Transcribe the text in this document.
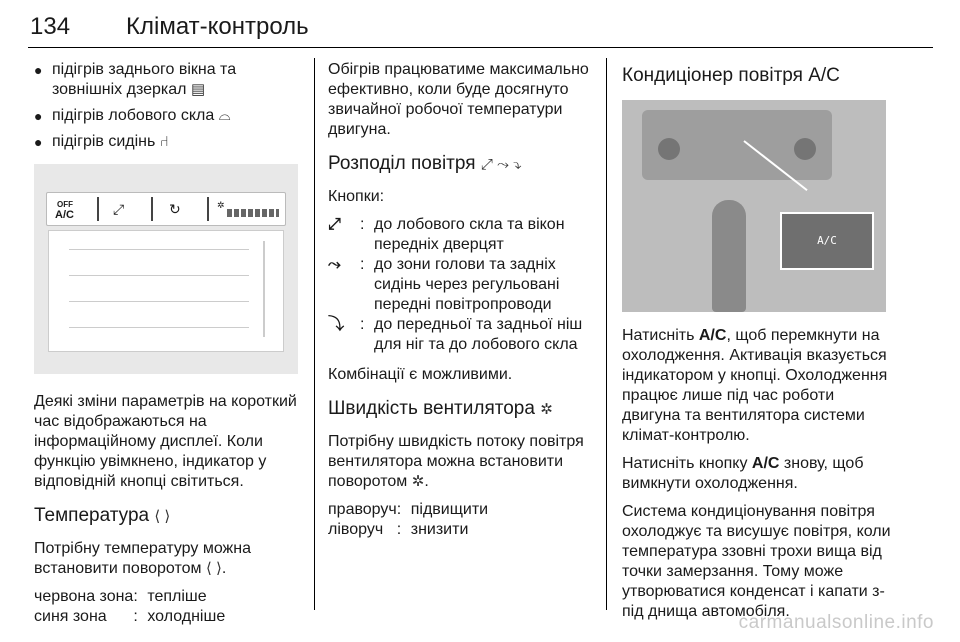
134	Клімат-контроль
● підігрів заднього вікна та зовнішніх дзеркал ▤
● підігрів лобового скла ⌓
● підігрів сидінь ⑁
OFF
A/C	⤢	↻	✲

Деякі зміни параметрів на короткий час відображаються на інформаційному дисплеї. Коли функцію увімкнено, індикатор у відповідній кнопці світиться.

Температура ⟨ ⟩

Потрібну температуру можна встановити поворотом ⟨ ⟩.

червона зона : тепліше
синя зона	: холодніше

Обігрів працюватиме максимально ефективно, коли буде досягнуто звичайної робочої температури двигуна.

Розподіл повітря ⤢ ⤳ ⤵

Кнопки:

⤢	: до лобового скла та вікон передніх дверцят
⤳	: до зони голови та задніх сидінь через регульовані передні повітропроводи
⤵	: до передньої та задньої ніш для ніг та до лобового скла

Комбінації є можливими.

Швидкість вентилятора ✲

Потрібну швидкість потоку повітря вентилятора можна встановити поворотом ✲.

праворуч : підвищити
ліворуч : знизити
Кондиціонер повітря A/C
A/C

Натисніть A/C, щоб перемкнути на охолодження. Активація вказується індикатором у кнопці. Охолодження працює лише під час роботи двигуна та вентилятора системи клімат-контролю.

Натисніть кнопку A/C знову, щоб вимкнути охолодження.

Система кондиціонування повітря охолоджує та висушує повітря, коли температура ззовні трохи вища від точки замерзання. Тому може утворюватися конденсат і капати з-під днища автомобіля.

carmanualsonline.info
